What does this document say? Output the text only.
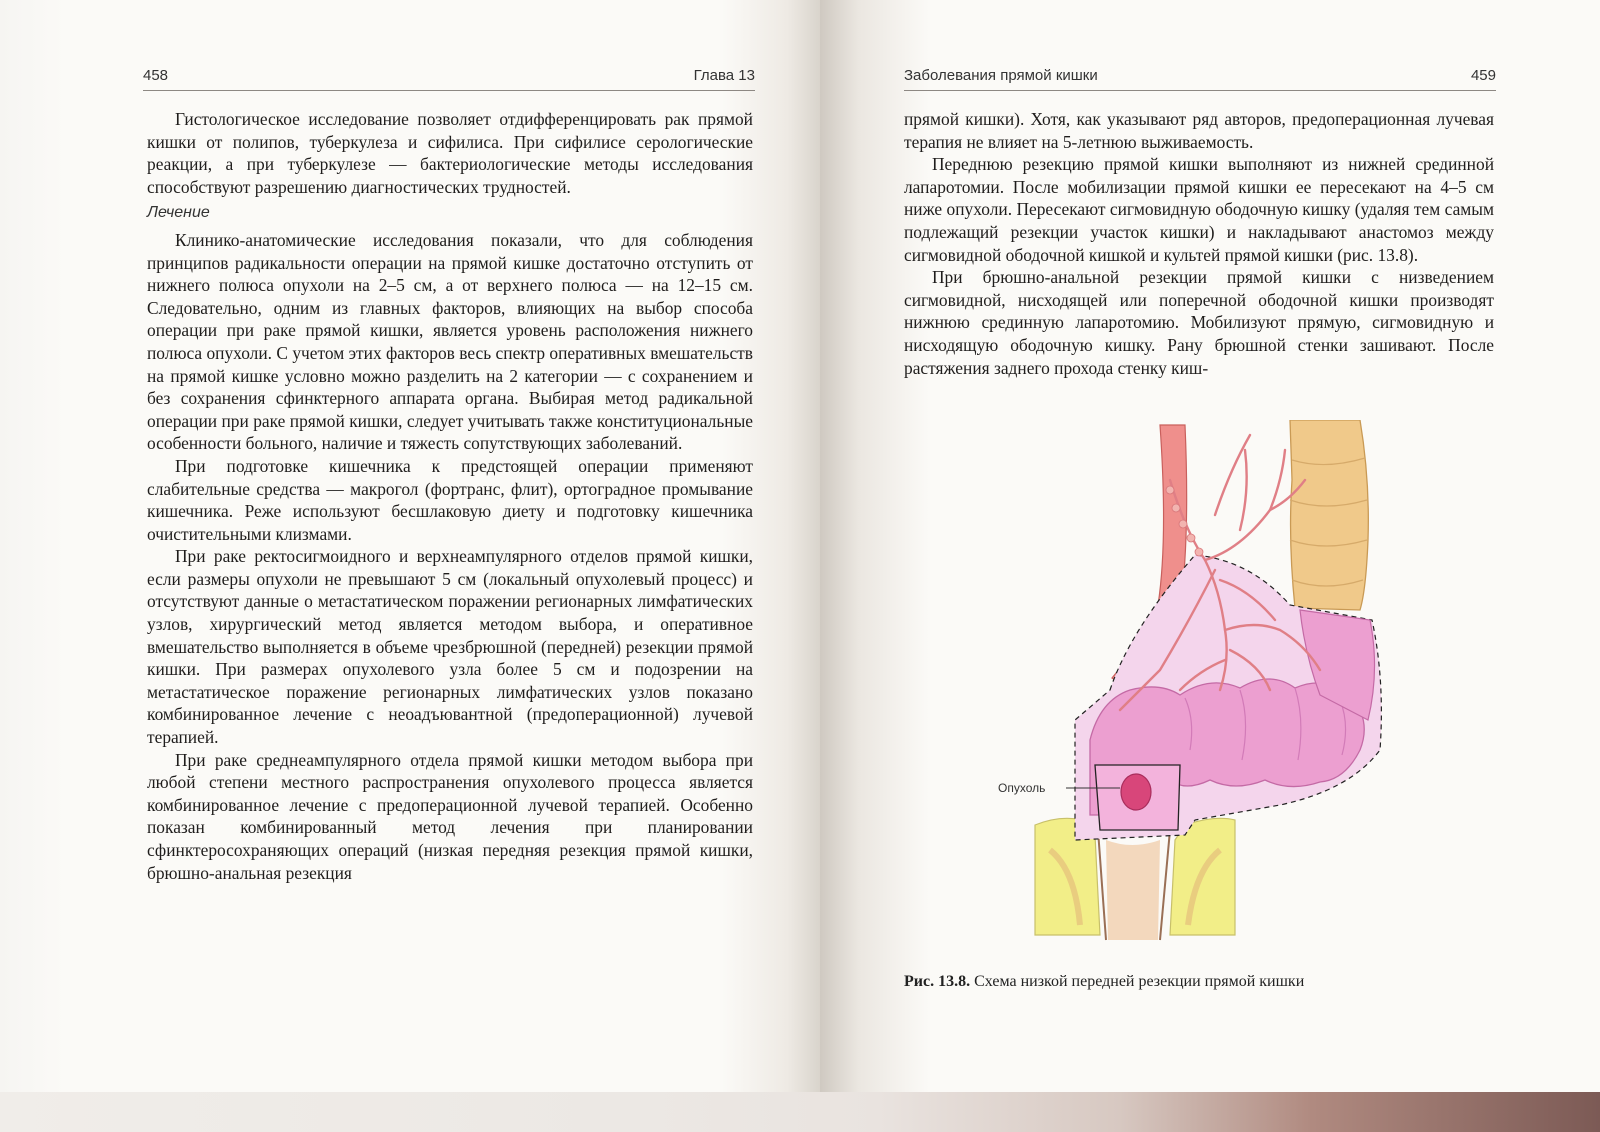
458	Глава 13	Заболевания прямой кишки	459

Гистологическое исследование позволяет отдифференцировать рак прямой кишки от полипов, туберкулеза и сифилиса. При сифилисе серологические реакции, а при туберкулезе — бактериологические методы исследования способствуют разрешению диагностических трудностей.

Лечение

Клинико-анатомические исследования показали, что для соблюдения принципов радикальности операции на прямой кишке достаточно отступить от нижнего полюса опухоли на 2–5 см, а от верхнего полюса — на 12–15 см. Следовательно, одним из главных факторов, влияющих на выбор способа операции при раке прямой кишки, является уровень расположения нижнего полюса опухоли. С учетом этих факторов весь спектр оперативных вмешательств на прямой кишке условно можно разделить на 2 категории — с сохранением и без сохранения сфинктерного аппарата органа. Выбирая метод радикальной операции при раке прямой кишки, следует учитывать также конституциональные особенности больного, наличие и тяжесть сопутствующих заболеваний.

При подготовке кишечника к предстоящей операции применяют слабительные средства — макрогол (фортранс, флит), ортоградное промывание кишечника. Реже используют бесшлаковую диету и подготовку кишечника очистительными клизмами.

При раке ректосигмоидного и верхнеампулярного отделов прямой кишки, если размеры опухоли не превышают 5 см (локальный опухолевый процесс) и отсутствуют данные о метастатическом поражении регионарных лимфатических узлов, хирургический метод является методом выбора, и оперативное вмешательство выполняется в объеме чрезбрюшной (передней) резекции прямой кишки. При размерах опухолевого узла более 5 см и подозрении на метастатическое поражение регионарных лимфатических узлов показано комбинированное лечение с неоадъювантной (предоперационной) лучевой терапией.

При раке среднеампулярного отдела прямой кишки методом выбора при любой степени местного распространения опухолевого процесса является комбинированное лечение с предоперационной лучевой терапией. Особенно показан комбинированный метод лечения при планировании сфинктеросохраняющих операций (низкая передняя резекция прямой кишки, брюшно-анальная резекция

прямой кишки). Хотя, как указывают ряд авторов, предоперационная лучевая терапия не влияет на 5-летнюю выживаемость.

Переднюю резекцию прямой кишки выполняют из нижней срединной лапаротомии. После мобилизации прямой кишки ее пересекают на 4–5 см ниже опухоли. Пересекают сигмовидную ободочную кишку (удаляя тем самым подлежащий резекции участок кишки) и накладывают анастомоз между сигмовидной ободочной кишкой и культей прямой кишки (рис. 13.8).

При брюшно-анальной резекции прямой кишки с низведением сигмовидной, нисходящей или поперечной ободочной кишки производят нижнюю срединную лапаротомию. Мобилизуют прямую, сигмовидную и нисходящую ободочную кишку. Рану брюшной стенки зашивают. После растяжения заднего прохода стенку киш-

Опухоль
Рис. 13.8. Схема низкой передней резекции прямой кишки
